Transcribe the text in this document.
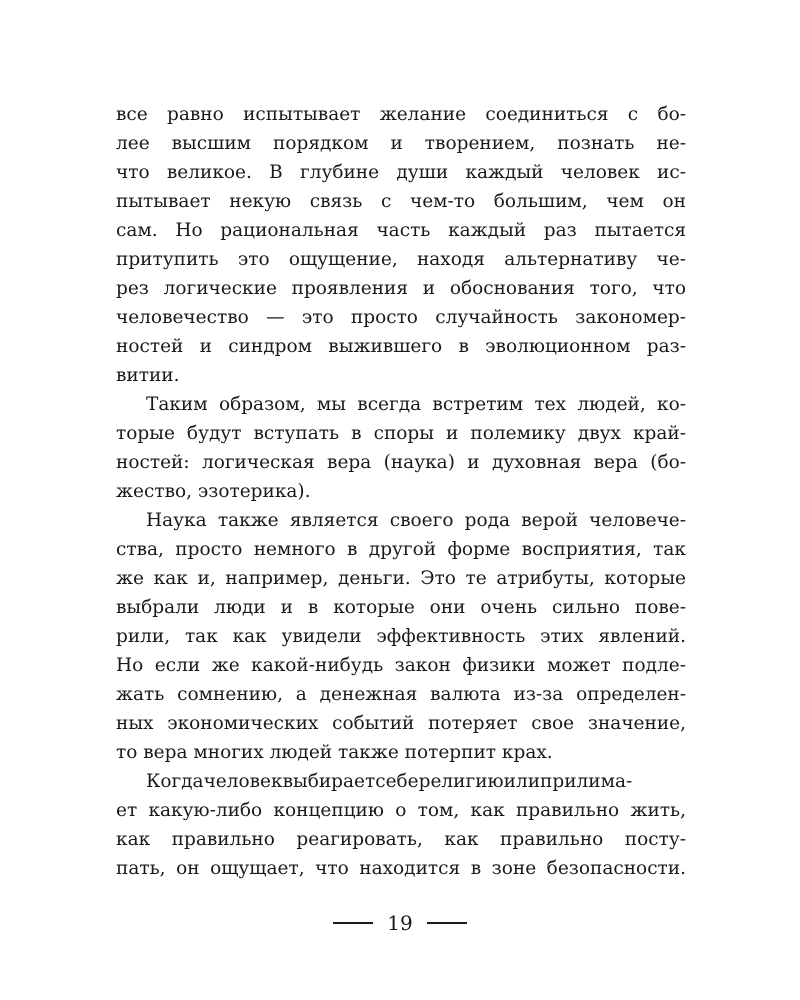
все равно испытывает желание соединиться с бо-
лее высшим порядком и творением, познать не-
что великое. В глубине души каждый человек ис-
пытывает некую связь с чем-то большим, чем он
сам. Но рациональная часть каждый раз пытается
притупить это ощущение, находя альтернативу че-
рез логические проявления и обоснования того, что
человечество — это просто случайность закономер-
ностей и синдром выжившего в эволюционном раз-
витии.
Таким образом, мы всегда встретим тех людей, ко-
торые будут вступать в споры и полемику двух край-
ностей: логическая вера (наука) и духовная вера (бо-
жество, эзотерика).
Наука также является своего рода верой человече-
ства, просто немного в другой форме восприятия, так
же как и, например, деньги. Это те атрибуты, которые
выбрали люди и в которые они очень сильно пове-
рили, так как увидели эффективность этих явлений.
Но если же какой-нибудь закон физики может подле-
жать сомнению, а денежная валюта из-за определен-
ных экономических событий потеряет свое значение,
то вера многих людей также потерпит крах.
Когдачеловеквыбираетсеберелигиюилиприлима-
ет какую-либо концепцию о том, как правильно жить,
как правильно реагировать, как правильно посту-
пать, он ощущает, что находится в зоне безопасности.
19
